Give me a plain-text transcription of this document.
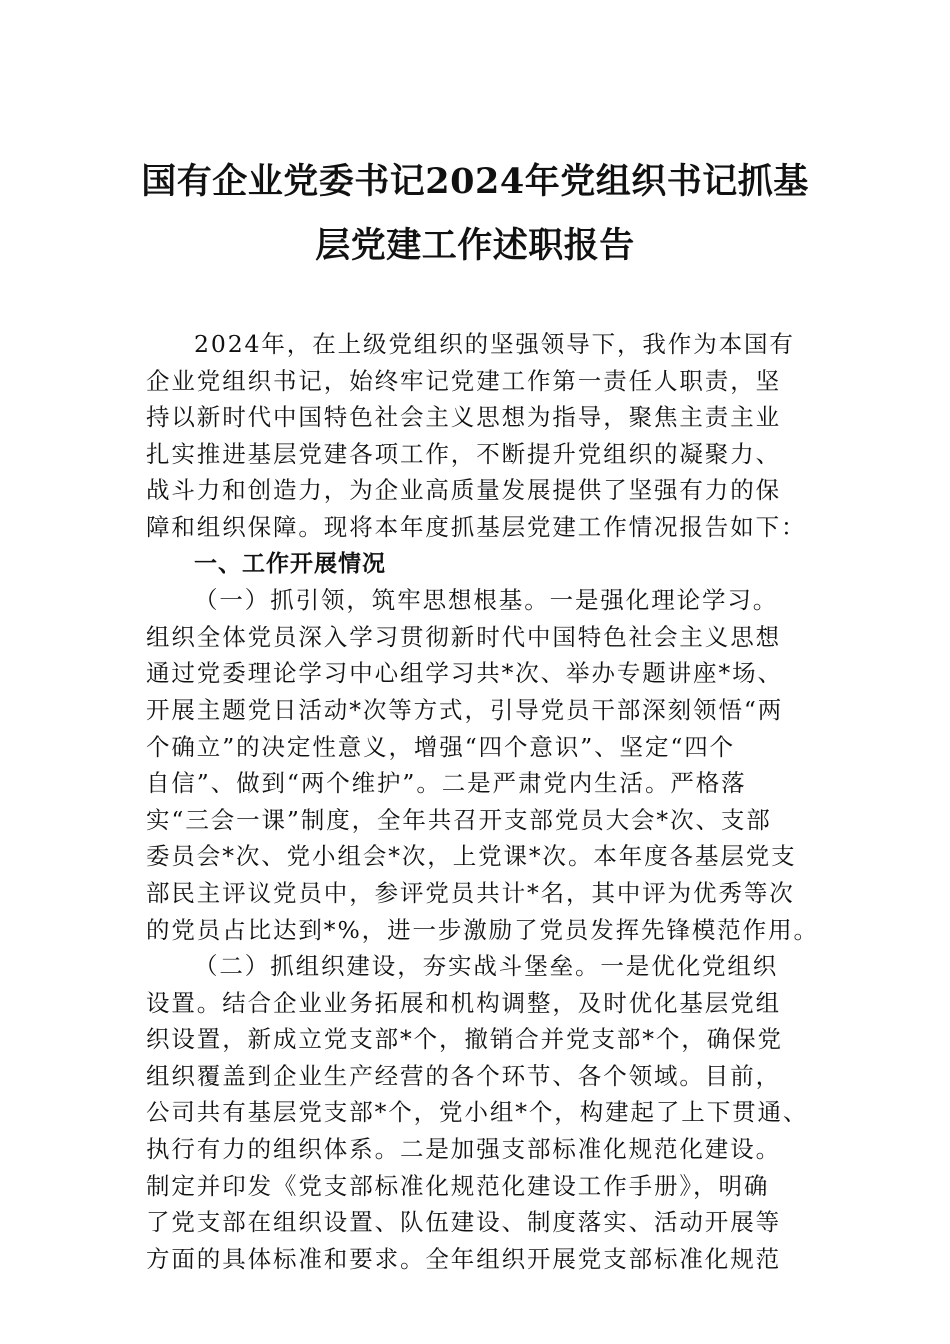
国有企业党委书记2024年党组织书记抓基
层党建工作述职报告
2024年，在上级党组织的坚强领导下，我作为本国有
企业党组织书记，始终牢记党建工作第一责任人职责，坚
持以新时代中国特色社会主义思想为指导，聚焦主责主业
扎实推进基层党建各项工作，不断提升党组织的凝聚力、
战斗力和创造力，为企业高质量发展提供了坚强有力的保
障和组织保障。现将本年度抓基层党建工作情况报告如下：
一、工作开展情况
（一）抓引领，筑牢思想根基。一是强化理论学习。
组织全体党员深入学习贯彻新时代中国特色社会主义思想
通过党委理论学习中心组学习共*次、举办专题讲座*场、
开展主题党日活动*次等方式，引导党员干部深刻领悟“两
个确立”的决定性意义，增强“四个意识”、坚定“四个
自信”、做到“两个维护”。二是严肃党内生活。严格落
实“三会一课”制度，全年共召开支部党员大会*次、支部
委员会*次、党小组会*次，上党课*次。本年度各基层党支
部民主评议党员中，参评党员共计*名，其中评为优秀等次
的党员占比达到*%，进一步激励了党员发挥先锋模范作用。
（二）抓组织建设，夯实战斗堡垒。一是优化党组织
设置。结合企业业务拓展和机构调整，及时优化基层党组
织设置，新成立党支部*个，撤销合并党支部*个，确保党
组织覆盖到企业生产经营的各个环节、各个领域。目前，
公司共有基层党支部*个，党小组*个，构建起了上下贯通、
执行有力的组织体系。二是加强支部标准化规范化建设。
制定并印发《党支部标准化规范化建设工作手册》，明确
了党支部在组织设置、队伍建设、制度落实、活动开展等
方面的具体标准和要求。全年组织开展党支部标准化规范
